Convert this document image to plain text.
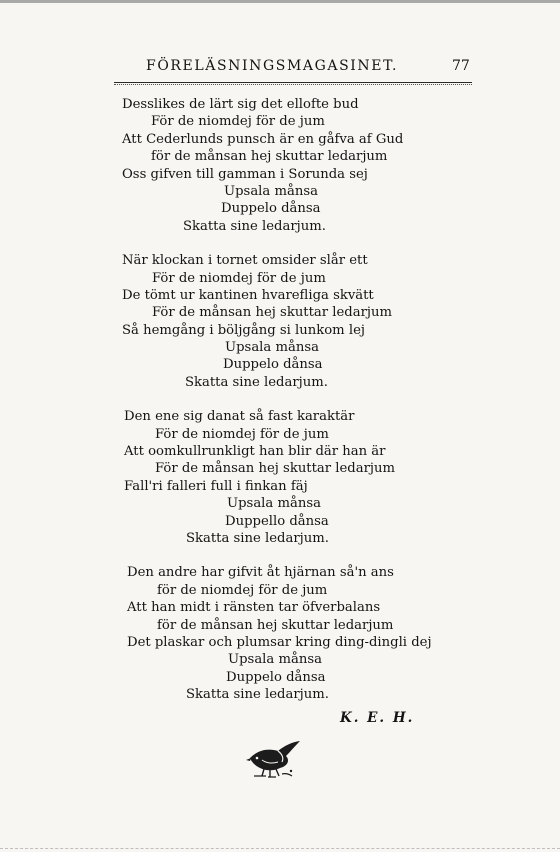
FÖRELÄSNINGSMAGASINET.	77
Desslikes de lärt sig det ellofte bud
För de niomdej för de jum
Att Cederlunds punsch är en gåfva af Gud
för de månsan hej skuttar ledarjum
Oss gifven till gamman i Sorunda sej
Upsala månsa
Duppelo dånsa
Skatta sine ledarjum.
När klockan i tornet omsider slår ett
För de niomdej för de jum
De tömt ur kantinen hvarefliga skvätt
För de månsan hej skuttar ledarjum
Så hemgång i böljgång si lunkom lej
Upsala månsa
Duppelo dånsa
Skatta sine ledarjum.
Den ene sig danat så fast karaktär
För de niomdej för de jum
Att oomkullrunkligt han blir där han är
För de månsan hej skuttar ledarjum
Fall'ri falleri full i finkan fäj
Upsala månsa
Duppello dånsa
Skatta sine ledarjum.
Den andre har gifvit åt hjärnan så'n ans
för de niomdej för de jum
Att han midt i ränsten tar öfverbalans
för de månsan hej skuttar ledarjum
Det plaskar och plumsar kring ding-dingli dej
Upsala månsa
Duppelo dånsa
Skatta sine ledarjum.
K. E. H.
